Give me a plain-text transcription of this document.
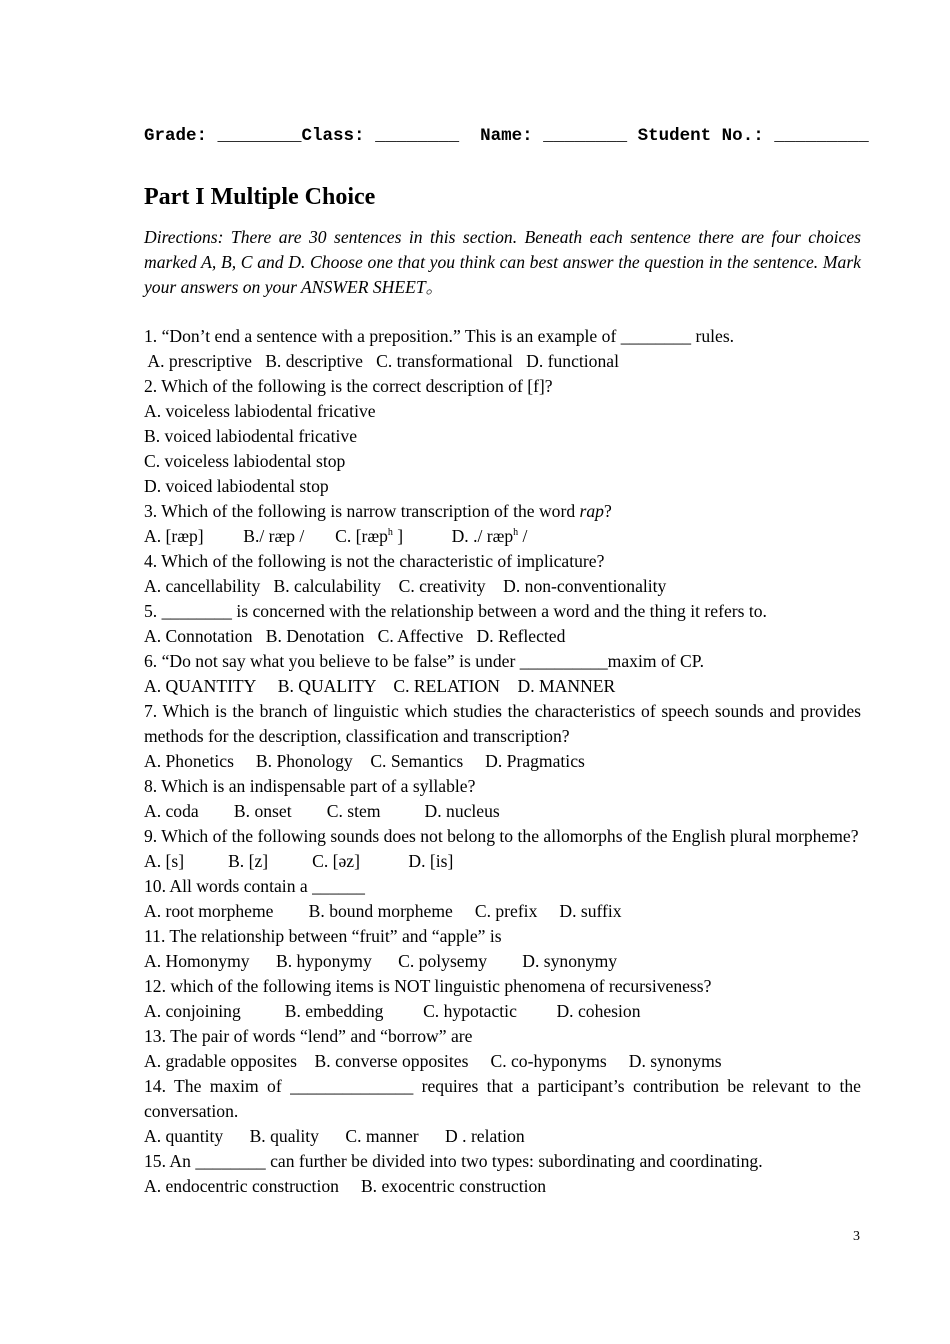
Grade: ________Class: ________ Name: ________ Student No.: _________
Part I Multiple Choice
Directions: There are 30 sentences in this section. Beneath each sentence there are four choices marked A, B, C and D. Choose one that you think can best answer the question in the sentence. Mark your answers on your ANSWER SHEET。
1. “Don’t end a sentence with a preposition.” This is an example of ________ rules.
A. prescriptive B. descriptive C. transformational D. functional
2. Which of the following is the correct description of [f]?
A. voiceless labiodental fricative
B. voiced labiodental fricative
C. voiceless labiodental stop
D. voiced labiodental stop
3. Which of the following is narrow transcription of the word rap?
A. [ræp] B./ ræp / C. [ræp$^h$ ]	D. ./ ræp$^h$ /
4. Which of the following is not the characteristic of implicature?
A. cancellability B. calculability C. creativity D. non-conventionality
5. ________ is concerned with the relationship between a word and the thing it refers to.
A. Connotation B. Denotation C. Affective D. Reflected
6. “Do not say what you believe to be false” is under __________maxim of CP.
A. QUANTITY B. QUALITY C. RELATION D. MANNER
7. Which is the branch of linguistic which studies the characteristics of speech sounds and provides methods for the description, classification and transcription?
A. Phonetics B. Phonology C. Semantics D. Pragmatics
8. Which is an indispensable part of a syllable?
A. coda B. onset C. stem D. nucleus
9. Which of the following sounds does not belong to the allomorphs of the English plural morpheme?
A. [s] B. [z] C. [əz]	D. [is]
10. All words contain a ______
A. root morpheme B. bound morpheme C. prefix D. suffix
11. The relationship between “fruit” and “apple” is
A. Homonymy B. hyponymy C. polysemy D. synonymy
12. which of the following items is NOT linguistic phenomena of recursiveness?
A. conjoining B. embedding C. hypotactic D. cohesion
13. The pair of words “lend” and “borrow” are
A. gradable opposites B. converse opposites C. co-hyponyms D. synonyms
14. The maxim of ______________ requires that a participant’s contribution be relevant to the conversation.
A. quantity B. quality C. manner D . relation
15. An ________ can further be divided into two types: subordinating and coordinating.
A. endocentric construction B. exocentric construction
3
